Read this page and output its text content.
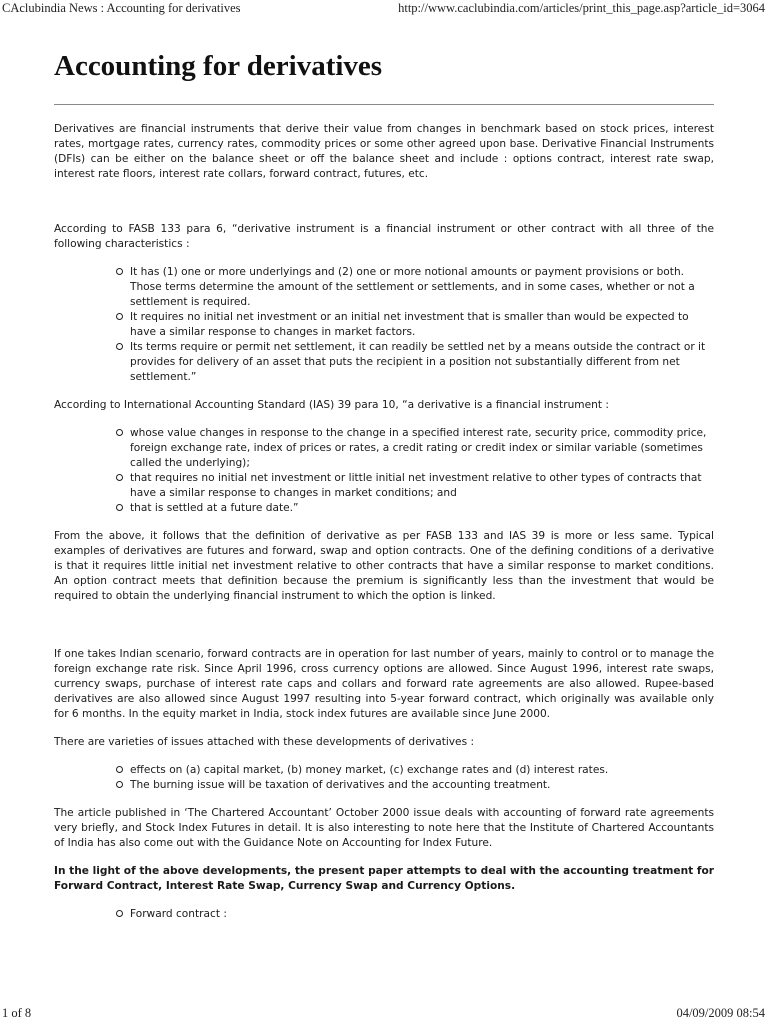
CAclubindia News : Accounting for derivatives	http://www.caclubindia.com/articles/print_this_page.asp?article_id=3064
Accounting for derivatives

Derivatives are financial instruments that derive their value from changes in benchmark based on stock prices, interest rates, mortgage rates, currency rates, commodity prices or some other agreed upon base. Derivative Financial Instruments (DFIs) can be either on the balance sheet or off the balance sheet and include : options contract, interest rate swap, interest rate floors, interest rate collars, forward contract, futures, etc.

According to FASB 133 para 6, “derivative instrument is a financial instrument or other contract with all three of the following characteristics :

It has (1) one or more underlyings and (2) one or more notional amounts or payment provisions or both. Those terms determine the amount of the settlement or settlements, and in some cases, whether or not a settlement is required.
It requires no initial net investment or an initial net investment that is smaller than would be expected to have a similar response to changes in market factors.
Its terms require or permit net settlement, it can readily be settled net by a means outside the contract or it provides for delivery of an asset that puts the recipient in a position not substantially different from net settlement.”

According to International Accounting Standard (IAS) 39 para 10, “a derivative is a financial instrument :

whose value changes in response to the change in a specified interest rate, security price, commodity price, foreign exchange rate, index of prices or rates, a credit rating or credit index or similar variable (sometimes called the underlying);
that requires no initial net investment or little initial net investment relative to other types of contracts that have a similar response to changes in market conditions; and
that is settled at a future date.”

From the above, it follows that the definition of derivative as per FASB 133 and IAS 39 is more or less same. Typical examples of derivatives are futures and forward, swap and option contracts. One of the defining conditions of a derivative is that it requires little initial net investment relative to other contracts that have a similar response to market conditions. An option contract meets that definition because the premium is significantly less than the investment that would be required to obtain the underlying financial instrument to which the option is linked.

If one takes Indian scenario, forward contracts are in operation for last number of years, mainly to control or to manage the foreign exchange rate risk. Since April 1996, cross currency options are allowed. Since August 1996, interest rate swaps, currency swaps, purchase of interest rate caps and collars and forward rate agreements are also allowed. Rupee-based derivatives are also allowed since August 1997 resulting into 5-year forward contract, which originally was available only for 6 months. In the equity market in India, stock index futures are available since June 2000.

There are varieties of issues attached with these developments of derivatives :

effects on (a) capital market, (b) money market, (c) exchange rates and (d) interest rates.
The burning issue will be taxation of derivatives and the accounting treatment.

The article published in ‘The Chartered Accountant’ October 2000 issue deals with accounting of forward rate agreements very briefly, and Stock Index Futures in detail. It is also interesting to note here that the Institute of Chartered Accountants of India has also come out with the Guidance Note on Accounting for Index Future.

In the light of the above developments, the present paper attempts to deal with the accounting treatment for Forward Contract, Interest Rate Swap, Currency Swap and Currency Options.

Forward contract :
1 of 8	04/09/2009 08:54
